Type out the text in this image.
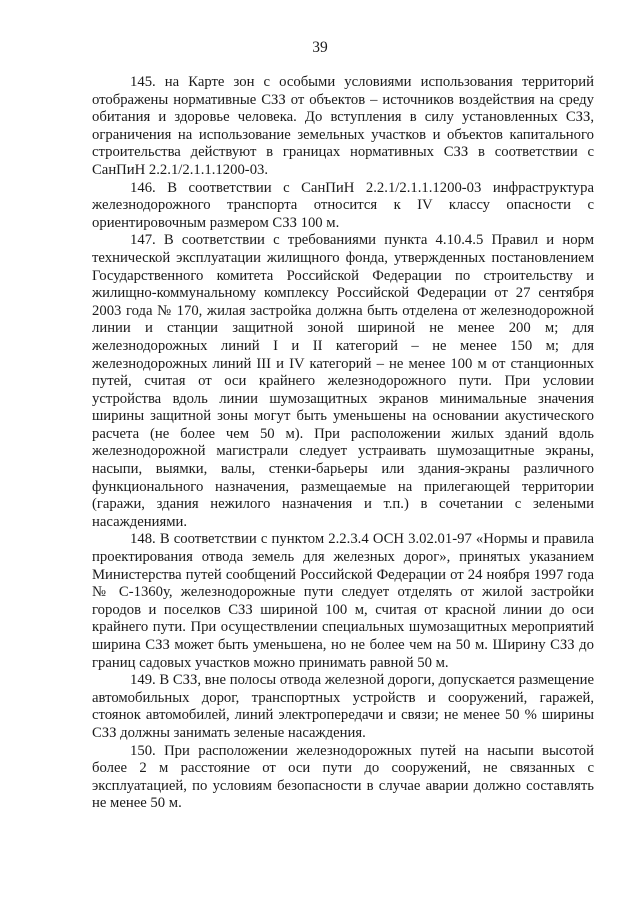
39

145. на Карте зон с особыми условиями использования территорий отображены нормативные СЗЗ от объектов – источников воздействия на среду обитания и здоровье человека. До вступления в силу установленных СЗЗ, ограничения на использование земельных участков и объектов капитального строительства действуют в границах нормативных СЗЗ в соответствии с СанПиН 2.2.1/2.1.1.1200-03.

146. В соответствии с СанПиН 2.2.1/2.1.1.1200-03 инфраструктура железнодорожного транспорта относится к IV классу опасности с ориентировочным размером СЗЗ 100 м.

147. В соответствии с требованиями пункта 4.10.4.5 Правил и норм технической эксплуатации жилищного фонда, утвержденных постановлением Государственного комитета Российской Федерации по строительству и жилищно-коммунальному комплексу Российской Федерации от 27 сентября 2003 года № 170, жилая застройка должна быть отделена от железнодорожной линии и станции защитной зоной шириной не менее 200 м; для железнодорожных линий I и II категорий – не менее 150 м; для железнодорожных линий III и IV категорий – не менее 100 м от станционных путей, считая от оси крайнего железнодорожного пути. При условии устройства вдоль линии шумозащитных экранов минимальные значения ширины защитной зоны могут быть уменьшены на основании акустического расчета (не более чем 50 м). При расположении жилых зданий вдоль железнодорожной магистрали следует устраивать шумозащитные экраны, насыпи, выямки, валы, стенки-барьеры или здания-экраны различного функционального назначения, размещаемые на прилегающей территории (гаражи, здания нежилого назначения и т.п.) в сочетании с зелеными насаждениями.

148. В соответствии с пунктом 2.2.3.4 ОСН 3.02.01-97 «Нормы и правила проектирования отвода земель для железных дорог», принятых указанием Министерства путей сообщений Российской Федерации от 24 ноября 1997 года № С-1360у, железнодорожные пути следует отделять от жилой застройки городов и поселков СЗЗ шириной 100 м, считая от красной линии до оси крайнего пути. При осуществлении специальных шумозащитных мероприятий ширина СЗЗ может быть уменьшена, но не более чем на 50 м. Ширину СЗЗ до границ садовых участков можно принимать равной 50 м.

149. В СЗЗ, вне полосы отвода железной дороги, допускается размещение автомобильных дорог, транспортных устройств и сооружений, гаражей, стоянок автомобилей, линий электропередачи и связи; не менее 50 % ширины СЗЗ должны занимать зеленые насаждения.

150. При расположении железнодорожных путей на насыпи высотой более 2 м расстояние от оси пути до сооружений, не связанных с эксплуатацией, по условиям безопасности в случае аварии должно составлять не менее 50 м.
